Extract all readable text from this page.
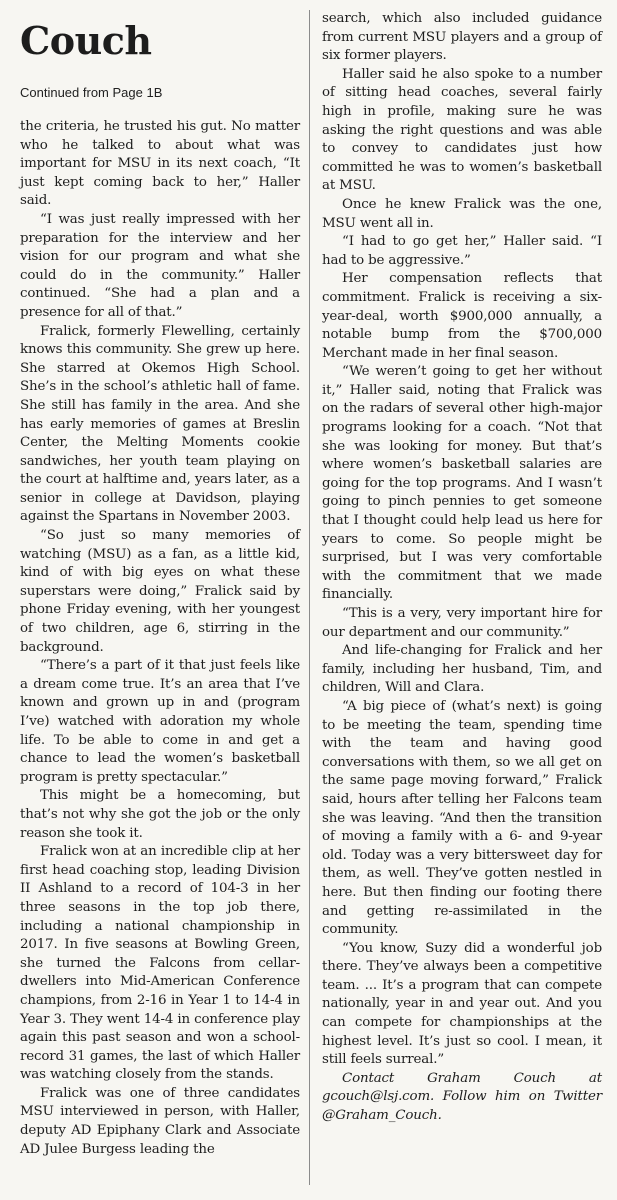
Couch
Continued from Page 1B

the criteria, he trusted his gut. No matter who he talked to about what was important for MSU in its next coach, “It just kept coming back to her,” Haller said.

“I was just really impressed with her preparation for the interview and her vision for our program and what she could do in the community.” Haller continued. “She had a plan and a presence for all of that.”

Fralick, formerly Flewelling, certainly knows this community. She grew up here. She starred at Okemos High School. She’s in the school’s athletic hall of fame. She still has family in the area. And she has early memories of games at Breslin Center, the Melting Moments cookie sandwiches, her youth team playing on the court at halftime and, years later, as a senior in college at Davidson, playing against the Spartans in November 2003.

“So just so many memories of watching (MSU) as a fan, as a little kid, kind of with big eyes on what these superstars were doing,” Fralick said by phone Friday evening, with her youngest of two children, age 6, stirring in the background.

“There’s a part of it that just feels like a dream come true. It’s an area that I’ve known and grown up in and (program I’ve) watched with adoration my whole life. To be able to come in and get a chance to lead the women’s basketball program is pretty spectacular.”

This might be a homecoming, but that’s not why she got the job or the only reason she took it.

Fralick won at an incredible clip at her first head coaching stop, leading Division II Ashland to a record of 104-3 in her three seasons in the top job there, including a national championship in 2017. In five seasons at Bowling Green, she turned the Falcons from cellar-dwellers into Mid-American Conference champions, from 2-16 in Year 1 to 14-4 in Year 3. They went 14-4 in conference play again this past season and won a school-record 31 games, the last of which Haller was watching closely from the stands.

Fralick was one of three candidates MSU interviewed in person, with Haller, deputy AD Epiphany Clark and Associate AD Julee Burgess leading the

search, which also included guidance from current MSU players and a group of six former players.

Haller said he also spoke to a number of sitting head coaches, several fairly high in profile, making sure he was asking the right questions and was able to convey to candidates just how committed he was to women’s basketball at MSU.

Once he knew Fralick was the one, MSU went all in.

“I had to go get her,” Haller said. “I had to be aggressive.”

Her compensation reflects that commitment. Fralick is receiving a six-year-deal, worth $900,000 annually, a notable bump from the $700,000 Merchant made in her final season.

“We weren’t going to get her without it,” Haller said, noting that Fralick was on the radars of several other high-major programs looking for a coach. “Not that she was looking for money. But that’s where women’s basketball salaries are going for the top programs. And I wasn’t going to pinch pennies to get someone that I thought could help lead us here for years to come. So people might be surprised, but I was very comfortable with the commitment that we made financially.

“This is a very, very important hire for our department and our community.”

And life-changing for Fralick and her family, including her husband, Tim, and children, Will and Clara.

“A big piece of (what’s next) is going to be meeting the team, spending time with the team and having good conversations with them, so we all get on the same page moving forward,” Fralick said, hours after telling her Falcons team she was leaving. “And then the transition of moving a family with a 6- and 9-year old. Today was a very bittersweet day for them, as well. They’ve gotten nestled in here. But then finding our footing there and getting re-assimilated in the community.

“You know, Suzy did a wonderful job there. They’ve always been a competitive team. ... It’s a program that can compete nationally, year in and year out. And you can compete for championships at the highest level. It’s just so cool. I mean, it still feels surreal.”

Contact Graham Couch at gcouch@lsj.com. Follow him on Twitter @Graham_Couch.
